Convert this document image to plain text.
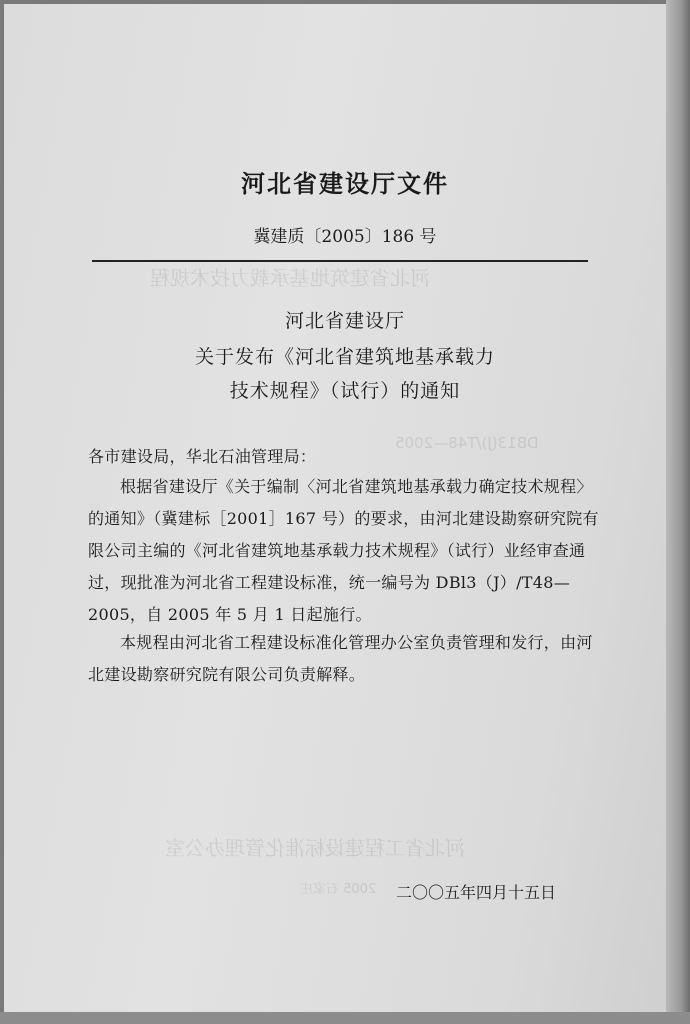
河北省建设厅文件
冀建质〔2005〕186 号
河北省建设厅
关于发布《河北省建筑地基承载力
技术规程》（试行）的通知
各市建设局，华北石油管理局：
根据省建设厅《关于编制〈河北省建筑地基承载力确定技术规程〉的通知》（冀建标［2001］167 号）的要求，由河北建设勘察研究院有限公司主编的《河北省建筑地基承载力技术规程》（试行）业经审查通过，现批准为河北省工程建设标准，统一编号为 DBl3（J）/T48—2005，自 2005 年 5 月 1 日起施行。
本规程由河北省工程建设标准化管理办公室负责管理和发行，由河北建设勘察研究院有限公司负责解释。
二〇〇五年四月十五日
